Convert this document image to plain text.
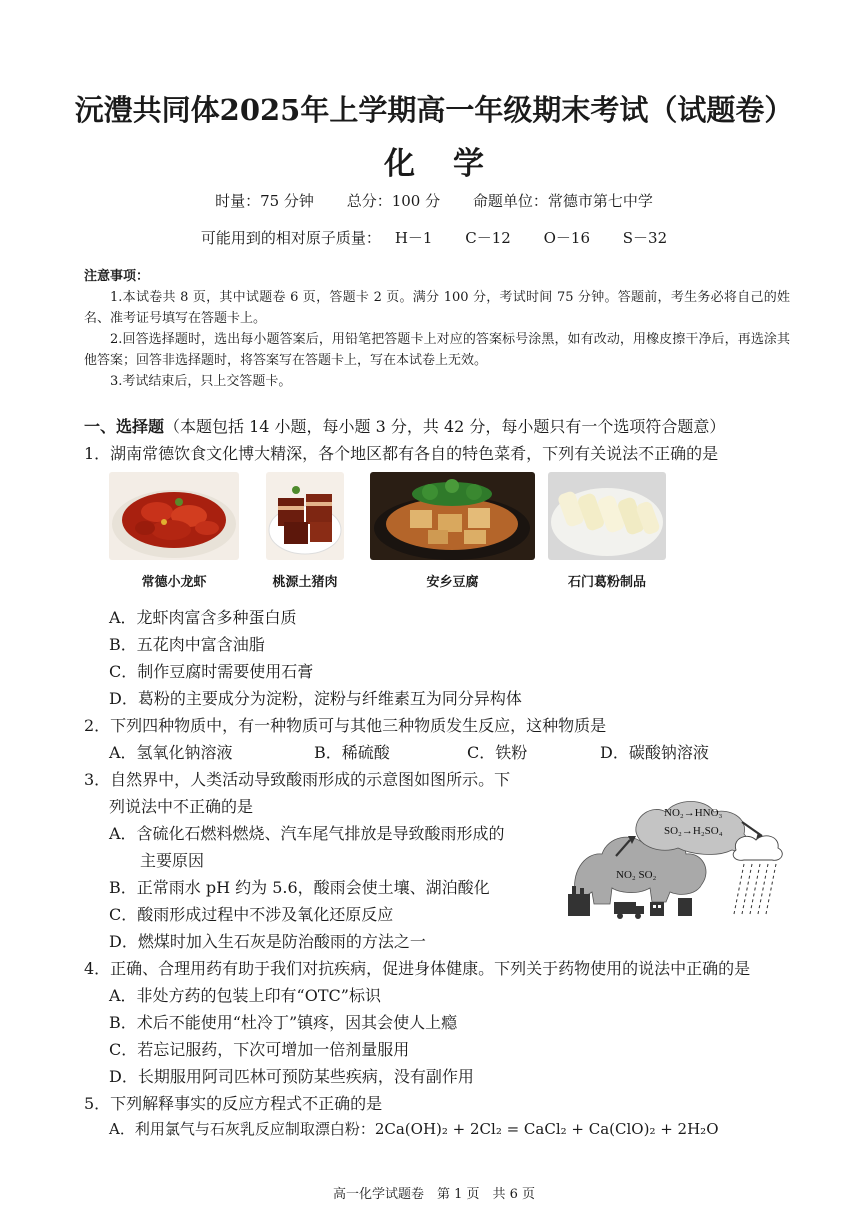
沅澧共同体2025年上学期高一年级期末考试（试题卷）
化学
时量：75 分钟 总分：100 分 命题单位：常德市第七中学
可能用到的相对原子质量： H－1 C－12 O－16 S－32
注意事项：

1.本试卷共 8 页，其中试题卷 6 页，答题卡 2 页。满分 100 分，考试时间 75 分钟。答题前，考生务必将自己的姓名、准考证号填写在答题卡上。

2.回答选择题时，选出每小题答案后，用铅笔把答题卡上对应的答案标号涂黑，如有改动，用橡皮擦干净后，再选涂其他答案；回答非选择题时，将答案写在答题卡上，写在本试卷上无效。

3.考试结束后，只上交答题卡。

一、选择题（本题包括 14 小题，每小题 3 分，共 42 分，每小题只有一个选项符合题意）
1．湖南常德饮食文化博大精深，各个地区都有各自的特色菜肴，下列有关说法不正确的是
常德小龙虾	桃源土猪肉	安乡豆腐	石门葛粉制品
A．龙虾肉富含多种蛋白质
B．五花肉中富含油脂
C．制作豆腐时需要使用石膏
D．葛粉的主要成分为淀粉，淀粉与纤维素互为同分异构体
2．下列四种物质中，有一种物质可与其他三种物质发生反应，这种物质是
A．氢氧化钠溶液	B．稀硫酸	C．铁粉	D．碳酸钠溶液
3．自然界中，人类活动导致酸雨形成的示意图如图所示。下
列说法中不正确的是
A．含硫化石燃料燃烧、汽车尾气排放是导致酸雨形成的
主要原因
B．正常雨水 pH 约为 5.6，酸雨会使土壤、湖泊酸化
C．酸雨形成过程中不涉及氧化还原反应
D．燃煤时加入生石灰是防治酸雨的方法之一
NO₂→HNO₃
SO₂→H₂SO₄
NO₂ SO₂
4．正确、合理用药有助于我们对抗疾病，促进身体健康。下列关于药物使用的说法中正确的是
A．非处方药的包装上印有“OTC”标识
B．术后不能使用“杜冷丁”镇疼，因其会使人上瘾
C．若忘记服药，下次可增加一倍剂量服用
D．长期服用阿司匹林可预防某些疾病，没有副作用
5．下列解释事实的反应方程式不正确的是
A．利用氯气与石灰乳反应制取漂白粉：2Ca(OH)₂ + 2Cl₂ = CaCl₂ + Ca(ClO)₂ + 2H₂O
高一化学试题卷　第 1 页　共 6 页
